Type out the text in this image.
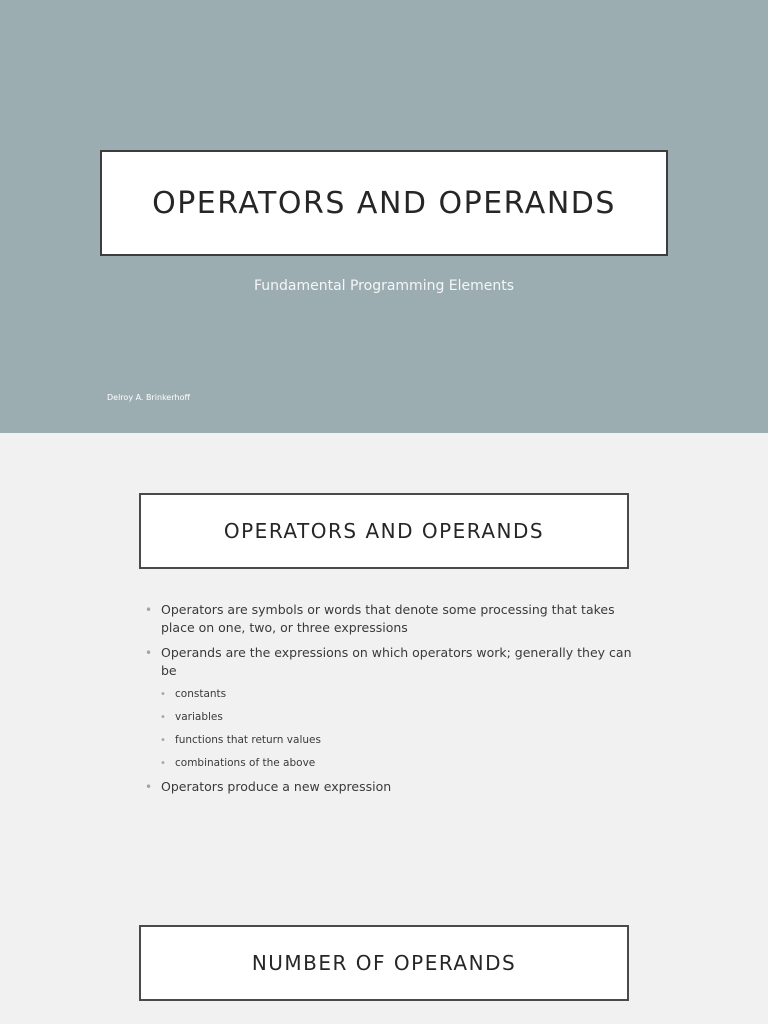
OPERATORS AND OPERANDS
Fundamental Programming Elements
Delroy A. Brinkerhoff
OPERATORS AND OPERANDS
• Operators are symbols or words that denote some processing that takes place on one, two, or three expressions
• Operands are the expressions on which operators work; generally they can be
• constants
• variables
• functions that return values
• combinations of the above
• Operators produce a new expression
NUMBER OF OPERANDS
